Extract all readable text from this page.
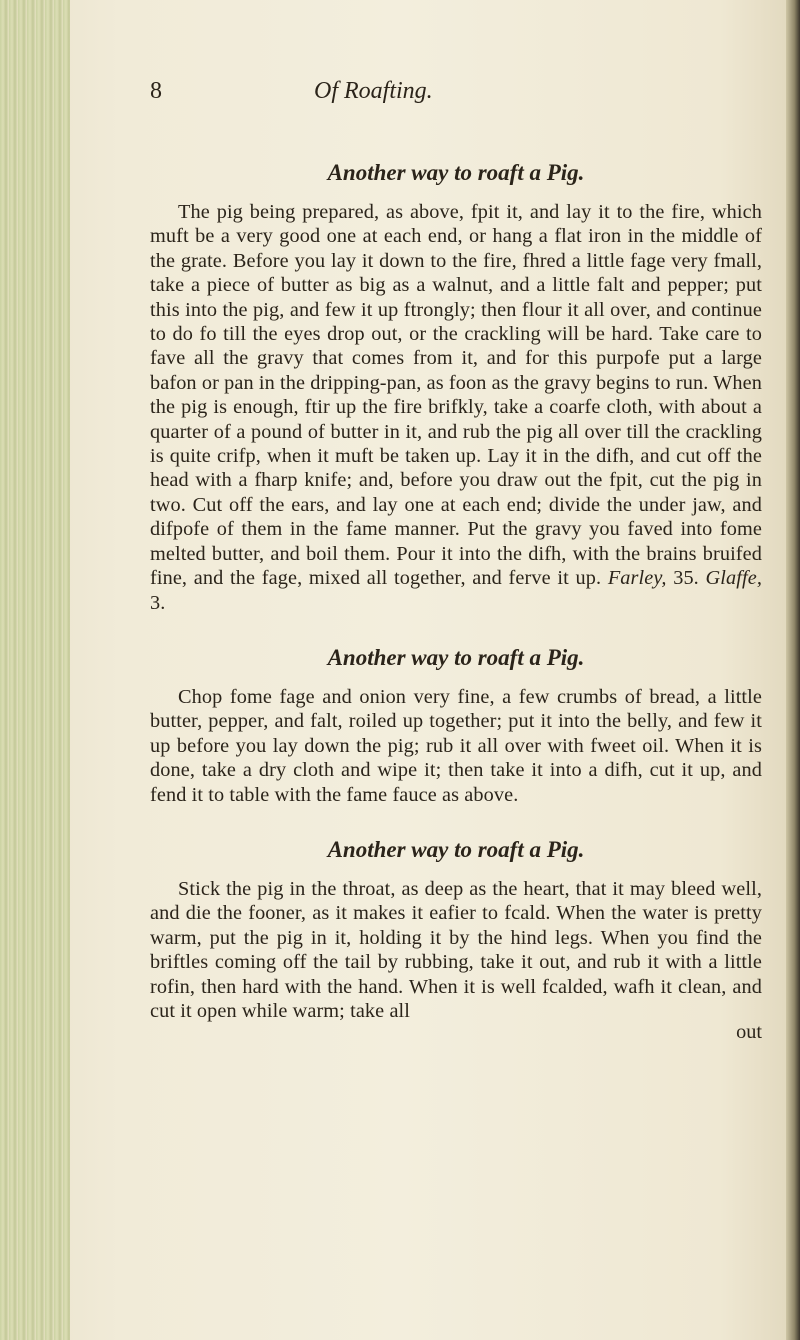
8	Of Roafting.
Another way to roaft a Pig.

The pig being prepared, as above, fpit it, and lay it to the fire, which muft be a very good one at each end, or hang a flat iron in the middle of the grate. Before you lay it down to the fire, fhred a little fage very fmall, take a piece of butter as big as a walnut, and a little falt and pepper; put this into the pig, and few it up ftrongly; then flour it all over, and continue to do fo till the eyes drop out, or the crackling will be hard. Take care to fave all the gravy that comes from it, and for this purpofe put a large bafon or pan in the dripping-pan, as foon as the gravy begins to run. When the pig is enough, ftir up the fire brifkly, take a coarfe cloth, with about a quarter of a pound of butter in it, and rub the pig all over till the crackling is quite crifp, when it muft be taken up. Lay it in the difh, and cut off the head with a fharp knife; and, before you draw out the fpit, cut the pig in two. Cut off the ears, and lay one at each end; divide the under jaw, and difpofe of them in the fame manner. Put the gravy you faved into fome melted butter, and boil them. Pour it into the difh, with the brains bruifed fine, and the fage, mixed all together, and ferve it up. Farley, 35. Glaffe, 3.

Another way to roaft a Pig.

Chop fome fage and onion very fine, a few crumbs of bread, a little butter, pepper, and falt, roiled up together; put it into the belly, and few it up before you lay down the pig; rub it all over with fweet oil. When it is done, take a dry cloth and wipe it; then take it into a difh, cut it up, and fend it to table with the fame fauce as above.

Another way to roaft a Pig.

Stick the pig in the throat, as deep as the heart, that it may bleed well, and die the fooner, as it makes it eafier to fcald. When the water is pretty warm, put the pig in it, holding it by the hind legs. When you find the briftles coming off the tail by rubbing, take it out, and rub it with a little rofin, then hard with the hand. When it is well fcalded, wafh it clean, and cut it open while warm; take all

out
